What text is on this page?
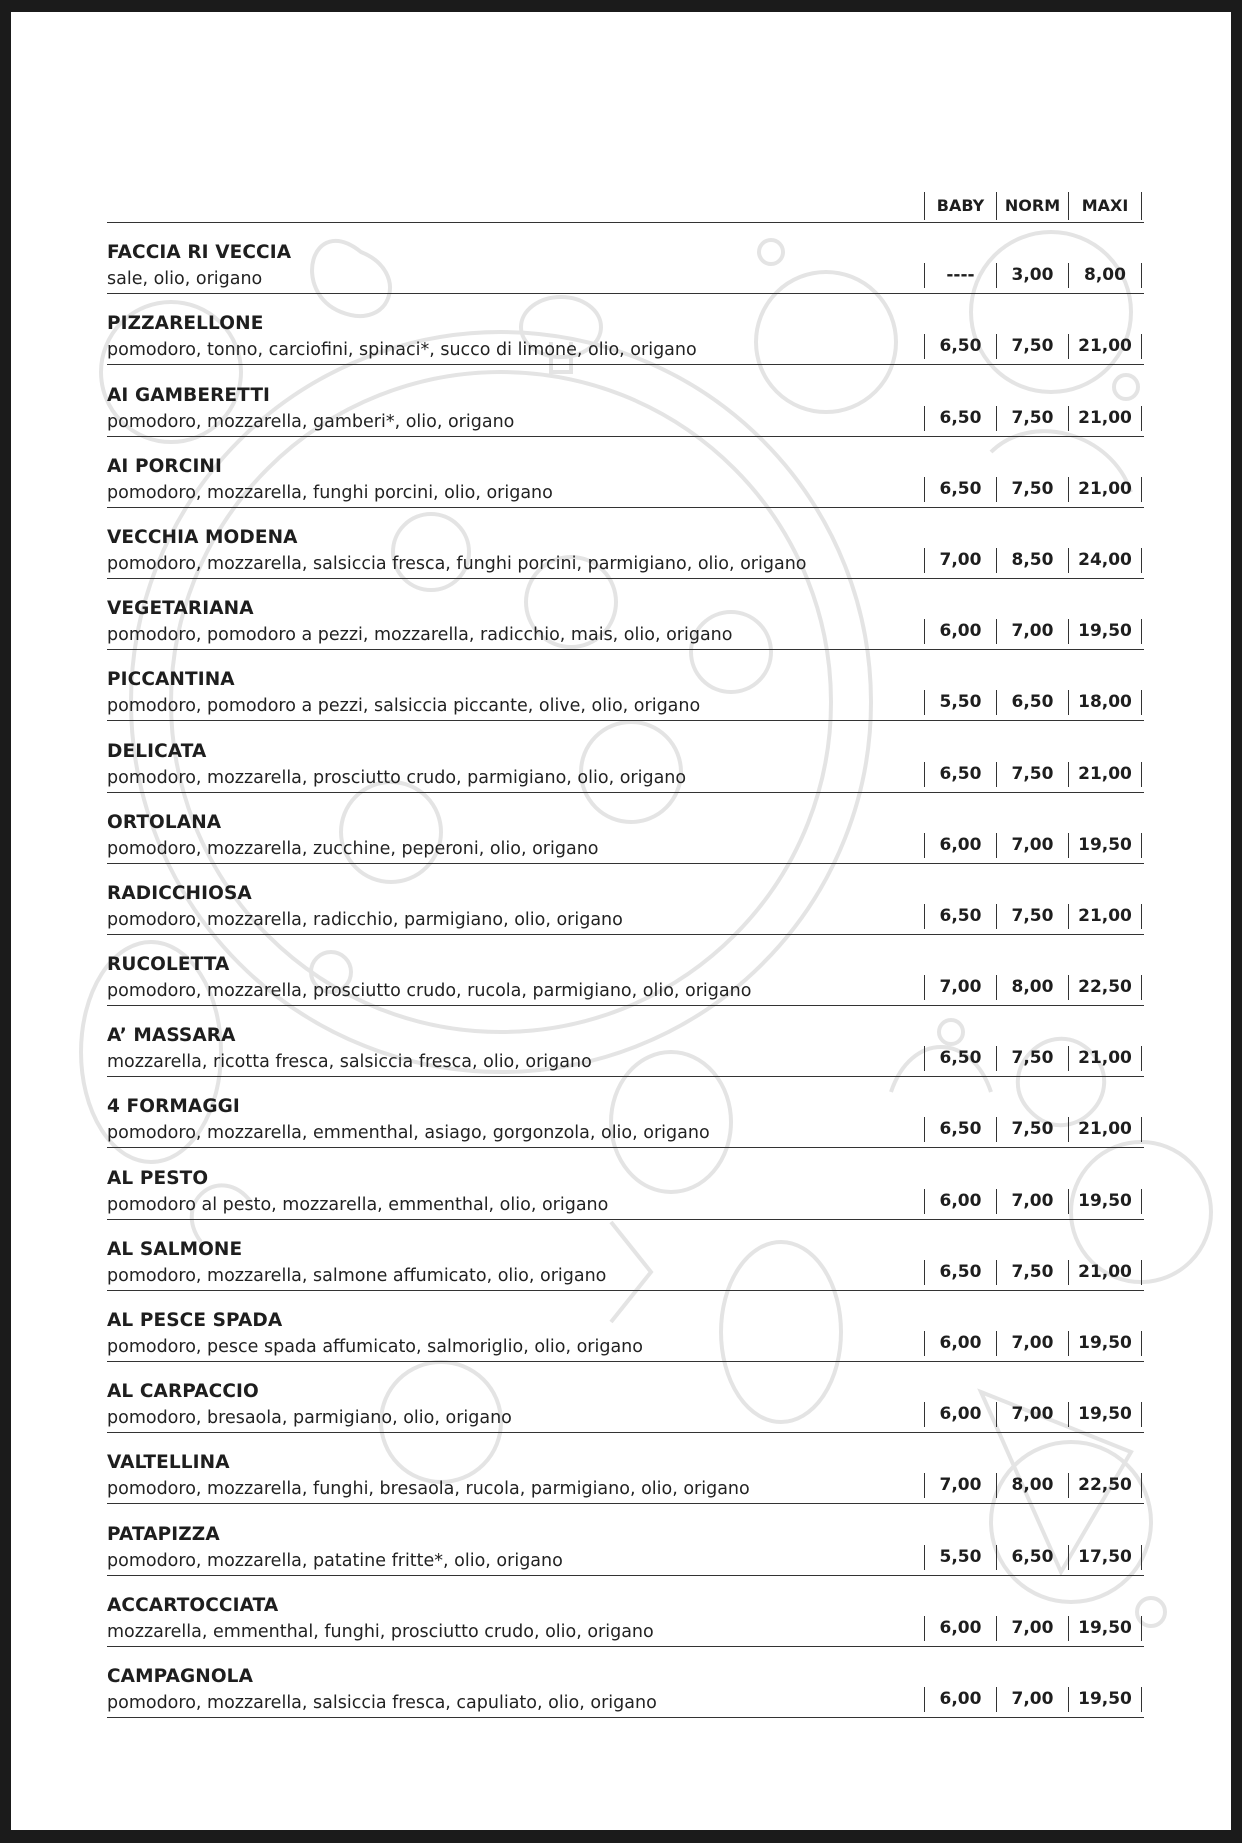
BABY	NORM	MAXI
FACCIA RI VECCIA
sale, olio, origano	----	3,00	8,00
PIZZARELLONE
pomodoro, tonno, carciofini, spinaci*, succo di limone, olio, origano	6,50	7,50	21,00
AI GAMBERETTI
pomodoro, mozzarella, gamberi*, olio, origano	6,50	7,50	21,00
AI PORCINI
pomodoro, mozzarella, funghi porcini, olio, origano	6,50	7,50	21,00
VECCHIA MODENA
pomodoro, mozzarella, salsiccia fresca, funghi porcini, parmigiano, olio, origano	7,00	8,50	24,00
VEGETARIANA
pomodoro, pomodoro a pezzi, mozzarella, radicchio, mais, olio, origano	6,00	7,00	19,50
PICCANTINA
pomodoro, pomodoro a pezzi, salsiccia piccante, olive, olio, origano	5,50	6,50	18,00
DELICATA
pomodoro, mozzarella, prosciutto crudo, parmigiano, olio, origano	6,50	7,50	21,00
ORTOLANA
pomodoro, mozzarella, zucchine, peperoni, olio, origano	6,00	7,00	19,50
RADICCHIOSA
pomodoro, mozzarella, radicchio, parmigiano, olio, origano	6,50	7,50	21,00
RUCOLETTA
pomodoro, mozzarella, prosciutto crudo, rucola, parmigiano, olio, origano	7,00	8,00	22,50
A’ MASSARA
mozzarella, ricotta fresca, salsiccia fresca, olio, origano	6,50	7,50	21,00
4 FORMAGGI
pomodoro, mozzarella, emmenthal, asiago, gorgonzola, olio, origano	6,50	7,50	21,00
AL PESTO
pomodoro al pesto, mozzarella, emmenthal, olio, origano	6,00	7,00	19,50
AL SALMONE
pomodoro, mozzarella, salmone affumicato, olio, origano	6,50	7,50	21,00
AL PESCE SPADA
pomodoro, pesce spada affumicato, salmoriglio, olio, origano	6,00	7,00	19,50
AL CARPACCIO
pomodoro, bresaola, parmigiano, olio, origano	6,00	7,00	19,50
VALTELLINA
pomodoro, mozzarella, funghi, bresaola, rucola, parmigiano, olio, origano	7,00	8,00	22,50
PATAPIZZA
pomodoro, mozzarella, patatine fritte*, olio, origano	5,50	6,50	17,50
ACCARTOCCIATA
mozzarella, emmenthal, funghi, prosciutto crudo, olio, origano	6,00	7,00	19,50
CAMPAGNOLA
pomodoro, mozzarella, salsiccia fresca, capuliato, olio, origano	6,00	7,00	19,50
